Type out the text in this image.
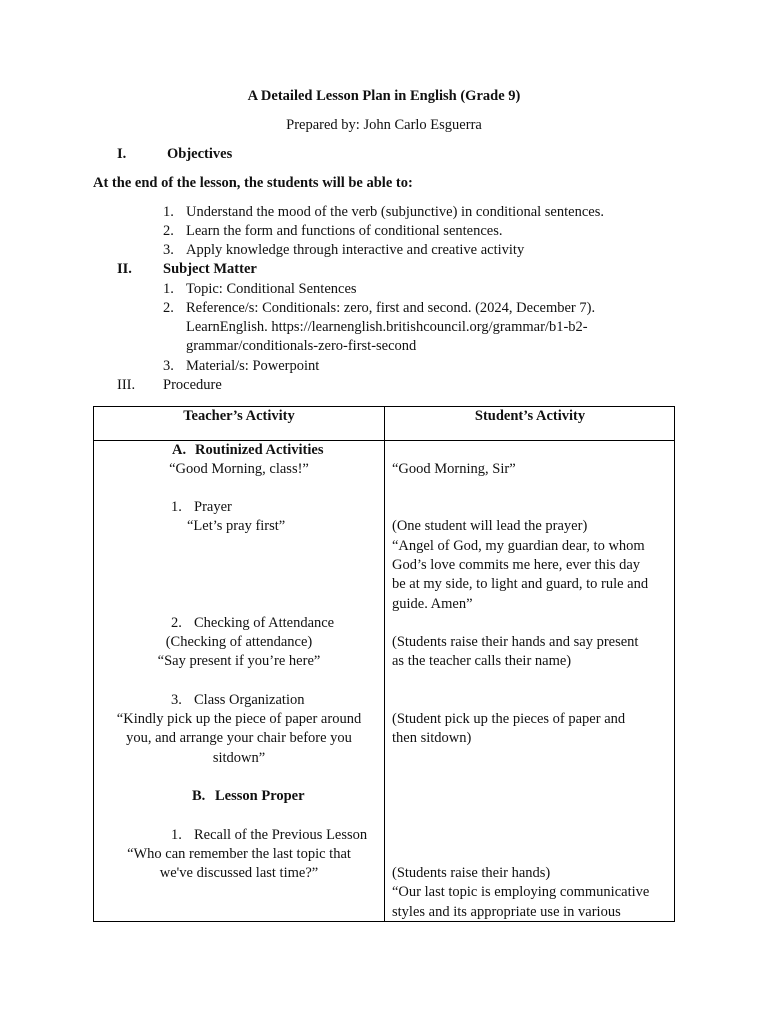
A Detailed Lesson Plan in English (Grade 9)
Prepared by: John Carlo Esguerra
I.	Objectives
At the end of the lesson, the students will be able to:
1. Understand the mood of the verb (subjunctive) in conditional sentences.
2. Learn the form and functions of conditional sentences.
3. Apply knowledge through interactive and creative activity
II. Subject Matter
1. Topic: Conditional Sentences
2. Reference/s: Conditionals: zero, first and second. (2024, December 7).
LearnEnglish. https://learnenglish.britishcouncil.org/grammar/b1-b2-
grammar/conditionals-zero-first-second
3. Material/s: Powerpoint
III. Procedure
Teacher’s Activity	Student’s Activity
A. Routinized Activities
“Good Morning, class!”
1. Prayer
“Let’s pray first”
2. Checking of Attendance
(Checking of attendance)
“Say present if you’re here”
3. Class Organization
“Kindly pick up the piece of paper around
you, and arrange your chair before you
sitdown”
B. Lesson Proper
1. Recall of the Previous Lesson
“Who can remember the last topic that
we've discussed last time?”
“Good Morning, Sir”
(One student will lead the prayer)
“Angel of God, my guardian dear, to whom
God’s love commits me here, ever this day
be at my side, to light and guard, to rule and
guide. Amen”
(Students raise their hands and say present
as the teacher calls their name)
(Student pick up the pieces of paper and
then sitdown)
(Students raise their hands)
“Our last topic is employing communicative
styles and its appropriate use in various
